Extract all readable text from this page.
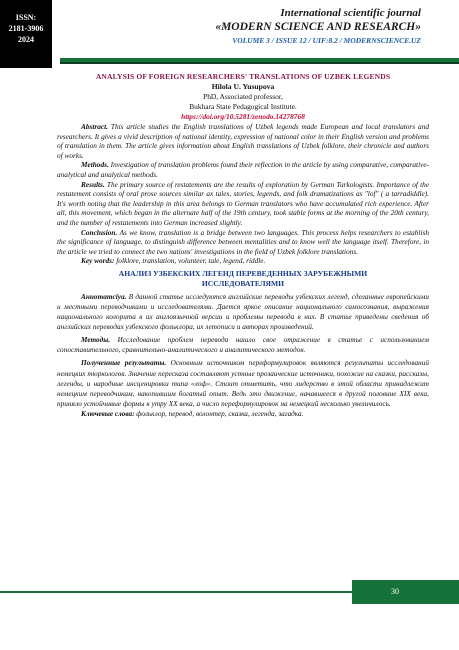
ISSN:
2181-3906
2024
International scientific journal
«MODERN SCIENCE AND RESEARCH»
VOLUME 3 / ISSUE 12 / UIF:8.2 / MODERNSCIENCE.UZ
ANALYSIS OF FOREIGN RESEARCHERS' TRANSLATIONS OF UZBEK LEGENDS
Hilola U. Yusupova
PhD, Associated professor,
Bukhara State Pedagogical Institute.
https://doi.org/10.5281/zenodo.14278768

Abstract. This article studies the English translations of Uzbek legends made European and local translators and researchers. It gives a vivid description of national identity, expression of national color in their English version and problems of translation in them. The article gives information about English translations of Uzbek folklore, their chronicle and authors of works.

Methods. Investigation of translation problems found their reflection in the article by using comparative, comparative-analytical and analytical methods.

Results. The primary source of restatements are the results of exploration by German Turkologists. Importance of the restatement consists of oral prose sources similar ax tales, stories, legends, and folk dramatizations as "lof" ( a tarradiddle). It's worth noting that the leadership in this area belongs to German translators who have accumulated rich experience. After all, this movement, which began in the alternate half of the 19th century, took stable forms at the morning of the 20th century, and the number of restatements into German increased slightly.

Conclusion. As we know, translation is a bridge between two languages. This process helps researchers to establish the significance of language, to distinguish difference between mentalities and to know well the language itself. Therefore, in the article we tried to connect the two nations' investigations in the field of Uzbek folklore translations.

Key words: folklore, translation, volunteer, tale, legend, riddle.

АНАЛИЗ УЗБЕКСКИХ ЛЕГЕНД ПЕРЕВЕДЕННЫХ ЗАРУБЕЖНЫМИ ИССЛЕДОВАТЕЛЯМИ

Аннотатсiya. В данной статье исследуются английские переводы узбекских легенд, сделанные европейскими и местными переводчиками и исследователями. Дается яркое описание национального самосознания, выражения национального колорита в их англоязычной версии и проблемы перевода в них. В статье приведены сведения об английских переводах узбекского фольклора, их летописи и авторах произведений.

Методы. Исследование проблем перевода нашло свое отражение в статье с использованием сопоставительного, сравнительно-аналитического и аналитического методов.

Полученные результаты. Основным источником переформулировок являются результаты исследований немецких тюркологов. Значение пересказа составляют устные прозаические источники, похожие на сказки, рассказы, легенды, и народные инсценировки типа «лоф». Стоит отметить, что лидерство в этой области принадлежит немецким переводчикам, накопившим богатый опыт. Ведь это движение, начавшееся в другой половине XIX века, приняло устойчивые формы к утру XX века, а число переформулировок на немецкий несколько увеличилось.

Ключевые слова: фольклор, перевод, волонтер, сказка, легенда, загадка.

30
